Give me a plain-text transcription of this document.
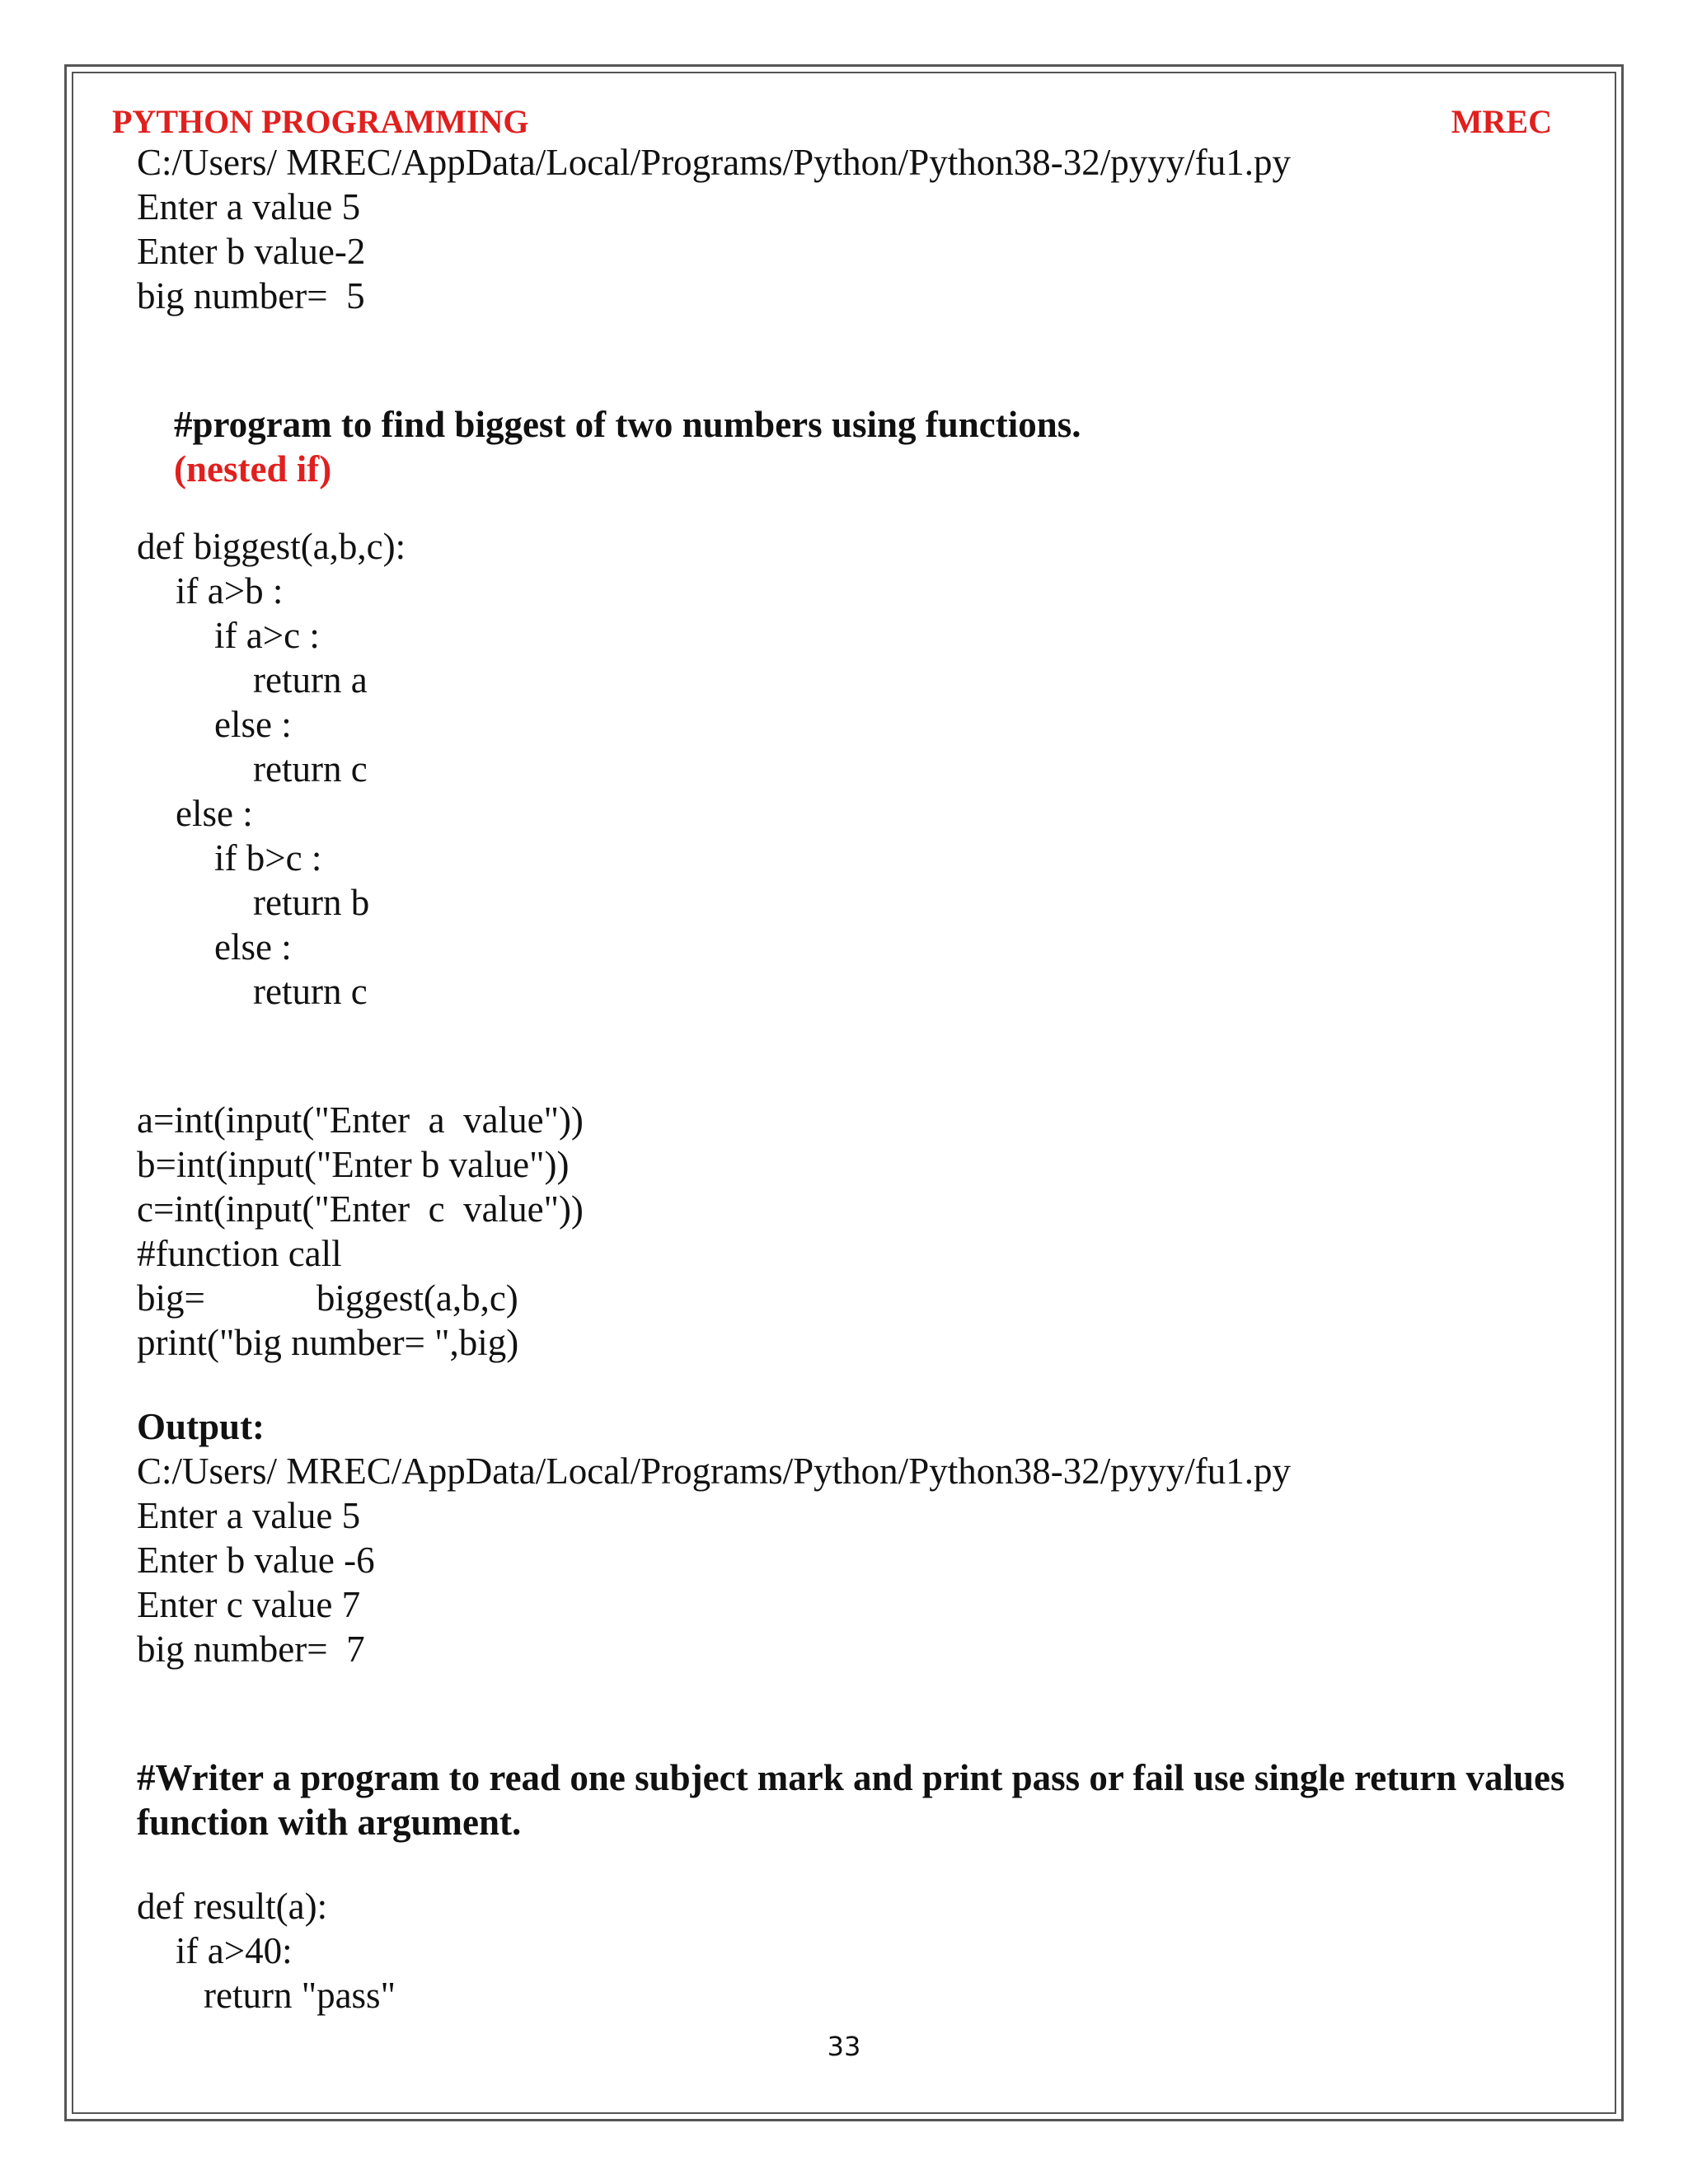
PYTHON PROGRAMMING	MREC
C:/Users/ MREC/AppData/Local/Programs/Python/Python38-32/pyyy/fu1.py
Enter a value 5
Enter b value-2
big number=  5

#program to find biggest of two numbers using functions.
(nested if)

def biggest(a,b,c):
if a>b :
if a>c :
return a
else :
return c
else :
if b>c :
return b
else :
return c
a=int(input("Enter  a  value"))
b=int(input("Enter b value"))
c=int(input("Enter  c  value"))
#function call
big=            biggest(a,b,c)
print("big number= ",big)
Output:
C:/Users/ MREC/AppData/Local/Programs/Python/Python38-32/pyyy/fu1.py
Enter a value 5
Enter b value -6
Enter c value 7
big number=  7
#Writer a program to read one subject mark and print pass or fail use single return values function with argument.
def result(a):
if a>40:
return "pass"
33
